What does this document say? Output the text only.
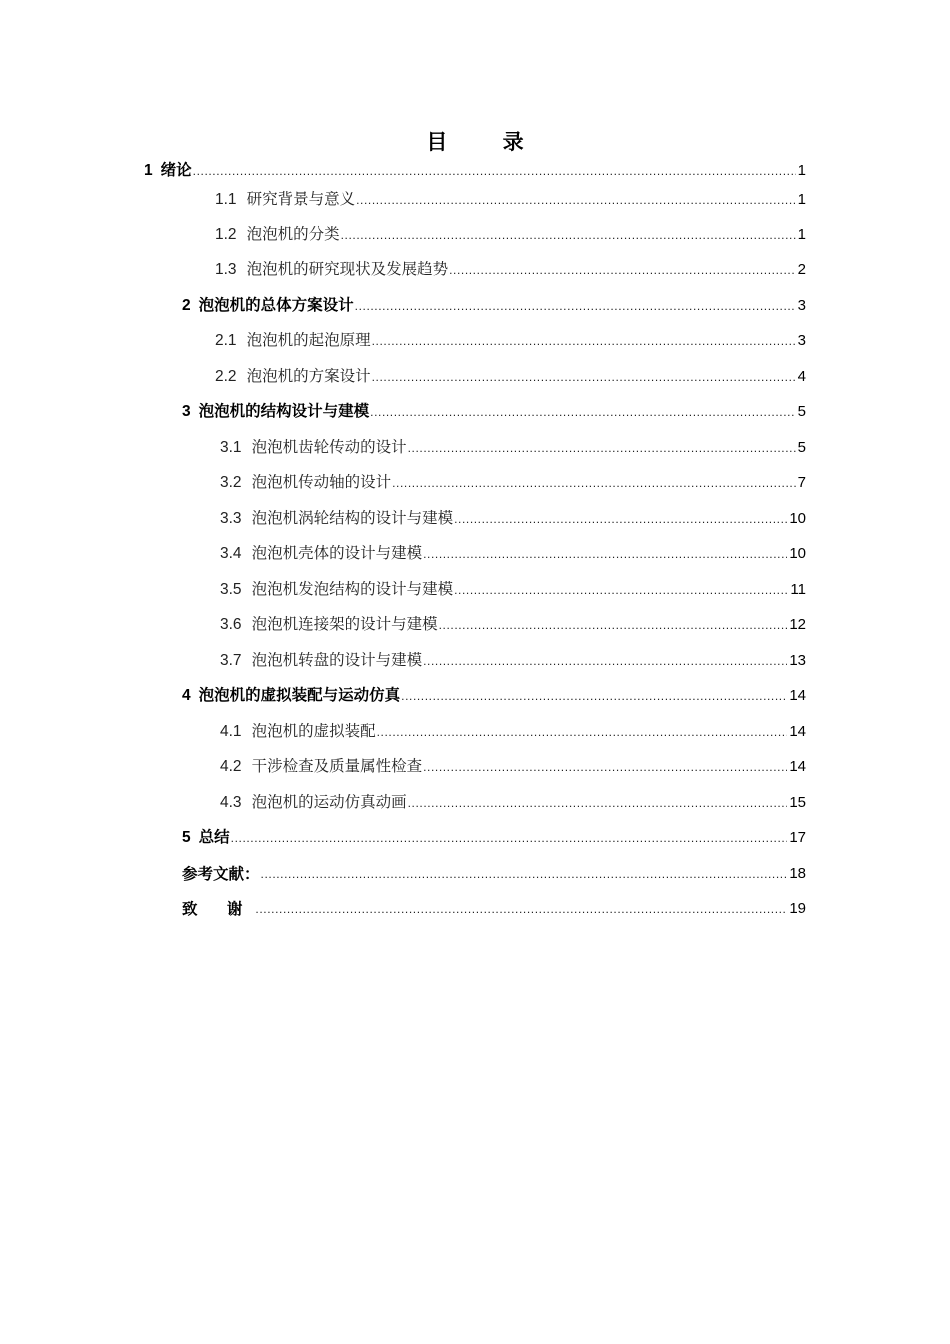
目 录
1 绪论 .....	1
1.1 研究背景与意义 .....	1
1.2 泡泡机的分类 .....	1
1.3 泡泡机的研究现状及发展趋势 .....	2
2 泡泡机的总体方案设计 .....	3
2.1 泡泡机的起泡原理 .....	3
2.2 泡泡机的方案设计 .....	4
3 泡泡机的结构设计与建模 .....	5
3.1 泡泡机齿轮传动的设计 .....	5
3.2 泡泡机传动轴的设计 .....	7
3.3 泡泡机涡轮结构的设计与建模 .....	10
3.4 泡泡机壳体的设计与建模 .....	10
3.5 泡泡机发泡结构的设计与建模 .....	11
3.6 泡泡机连接架的设计与建模 .....	12
3.7 泡泡机转盘的设计与建模 .....	13
4 泡泡机的虚拟装配与运动仿真 .....	14
4.1 泡泡机的虚拟装配 .....	14
4.2 干涉检查及质量属性检查 .....	14
4.3 泡泡机的运动仿真动画 .....	15
5 总结 .....	17
参考文献： .....	18
致 谢 .....	19
